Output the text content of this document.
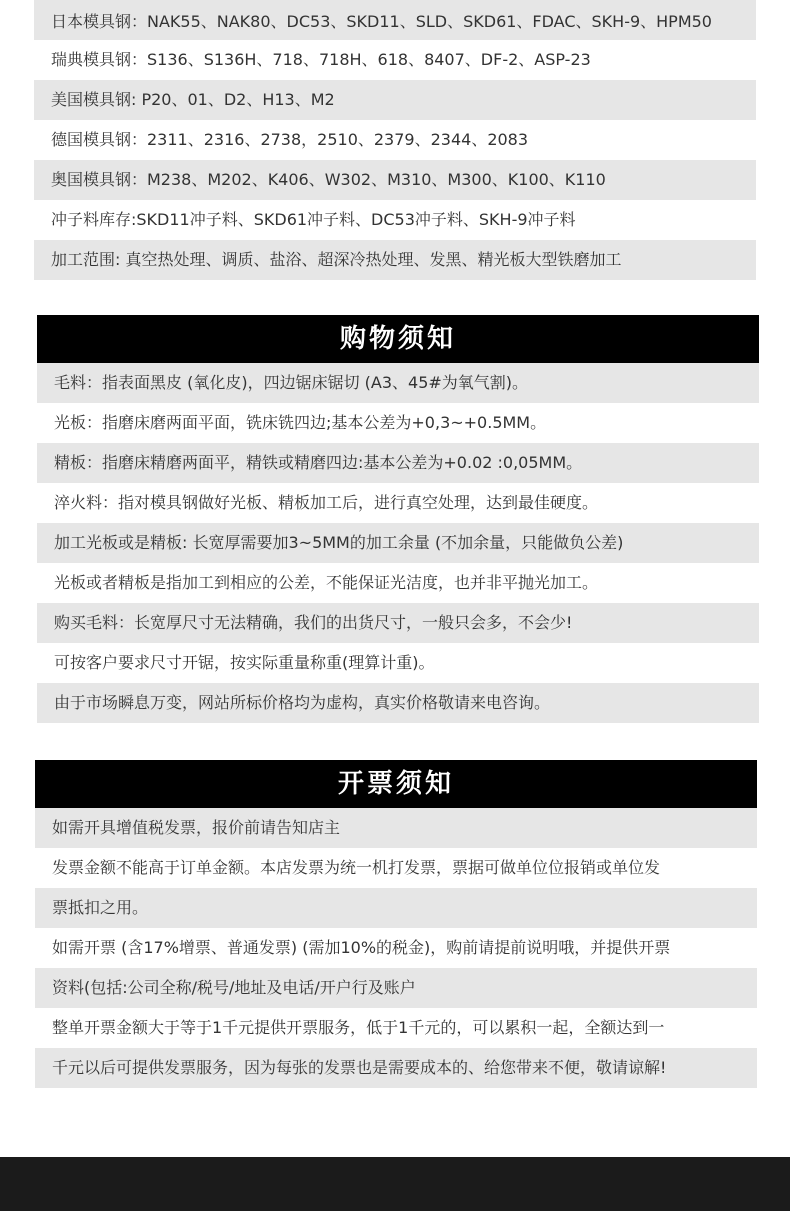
日本模具钢：NAK55、NAK80、DC53、SKD11、SLD、SKD61、FDAC、SKH-9、HPM50
瑞典模具钢：S136、S136H、718、718H、618、8407、DF-2、ASP-23
美国模具钢: P20、01、D2、H13、M2
德国模具钢：2311、2316、2738，2510、2379、2344、2083
奥国模具钢：M238、M202、K406、W302、M310、M300、K100、K110
冲子料库存:SKD11冲子料、SKD61冲子料、DC53冲子料、SKH-9冲子料
加工范围: 真空热处理、调质、盐浴、超深冷热处理、发黑、精光板大型铁磨加工
购物须知
毛料：指表面黑皮 (氧化皮)，四边锯床锯切 (A3、45#为氧气割)。
光板：指磨床磨两面平面，铣床铣四边;基本公差为+0,3~+0.5MM。
精板：指磨床精磨两面平，精铁或精磨四边:基本公差为+0.02 :0,05MM。
淬火料：指对模具钢做好光板、精板加工后，进行真空处理，达到最佳硬度。
加工光板或是精板: 长宽厚需要加3~5MM的加工余量 (不加余量，只能做负公差)
光板或者精板是指加工到相应的公差，不能保证光洁度，也并非平抛光加工。
购买毛料：长宽厚尺寸无法精确，我们的出货尺寸，一般只会多，不会少!
可按客户要求尺寸开锯，按实际重量称重(理算计重)。
由于市场瞬息万变，网站所标价格均为虚构，真实价格敬请来电咨询。
开票须知
如需开具增值税发票，报价前请告知店主
发票金额不能高于订单金额。本店发票为统一机打发票，票据可做单位位报销或单位发
票抵扣之用。
如需开票 (含17%增票、普通发票) (需加10%的税金)，购前请提前说明哦，并提供开票
资料(包括:公司全称/税号/地址及电话/开户行及账户
整单开票金额大于等于1千元提供开票服务，低于1千元的，可以累积一起，全额达到一
千元以后可提供发票服务，因为每张的发票也是需要成本的、给您带来不便，敬请谅解!
